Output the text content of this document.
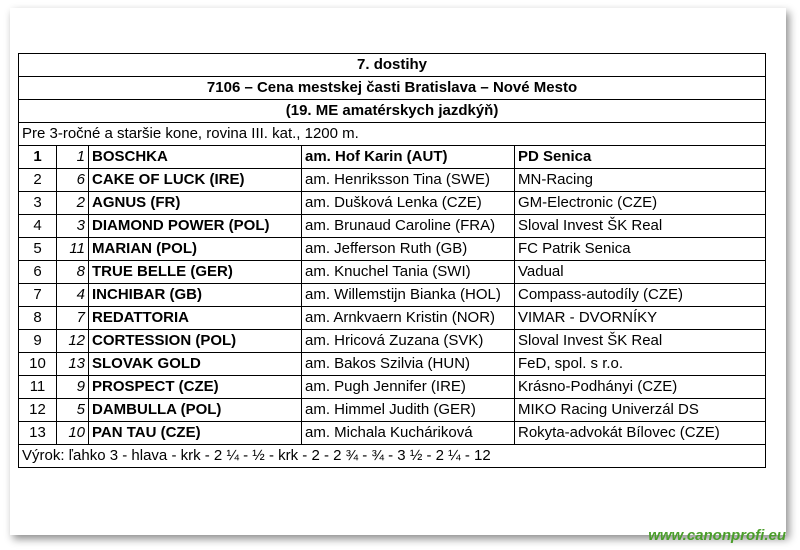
7. dostihy				
7106 – Cena mestskej časti Bratislava – Nové Mesto				
(19. ME amatérskych jazdkýň)				
Pre 3-ročné a staršie kone, rovina III. kat., 1200 m.				
1	1	BOSCHKA	am. Hof Karin (AUT)	PD Senica
2	6	CAKE OF LUCK (IRE)	am. Henriksson Tina (SWE)	MN-Racing
3	2	AGNUS (FR)	am. Dušková Lenka (CZE)	GM-Electronic (CZE)
4	3	DIAMOND POWER (POL)	am. Brunaud Caroline (FRA)	Sloval Invest ŠK Real
5	11	MARIAN (POL)	am. Jefferson Ruth (GB)	FC Patrik Senica
6	8	TRUE BELLE (GER)	am. Knuchel Tania (SWI)	Vadual
7	4	INCHIBAR (GB)	am. Willemstijn Bianka (HOL)	Compass-autodíly (CZE)
8	7	REDATTORIA	am. Arnkvaern Kristin (NOR)	VIMAR - DVORNÍKY
9	12	CORTESSION (POL)	am. Hricová Zuzana (SVK)	Sloval Invest ŠK Real
10	13	SLOVAK GOLD	am. Bakos Szilvia (HUN)	FeD, spol. s r.o.
11	9	PROSPECT (CZE)	am. Pugh Jennifer (IRE)	Krásno-Podhányi (CZE)
12	5	DAMBULLA (POL)	am. Himmel Judith (GER)	MIKO Racing Univerzál DS
13	10	PAN TAU (CZE)	am. Michala Kucháriková	Rokyta-advokát Bílovec (CZE)
Výrok: ľahko 3 - hlava - krk - 2 ¼ - ½ - krk - 2 - 2 ¾ - ¾ - 3 ½ - 2 ¼ - 12				
www.canonprofi.eu
